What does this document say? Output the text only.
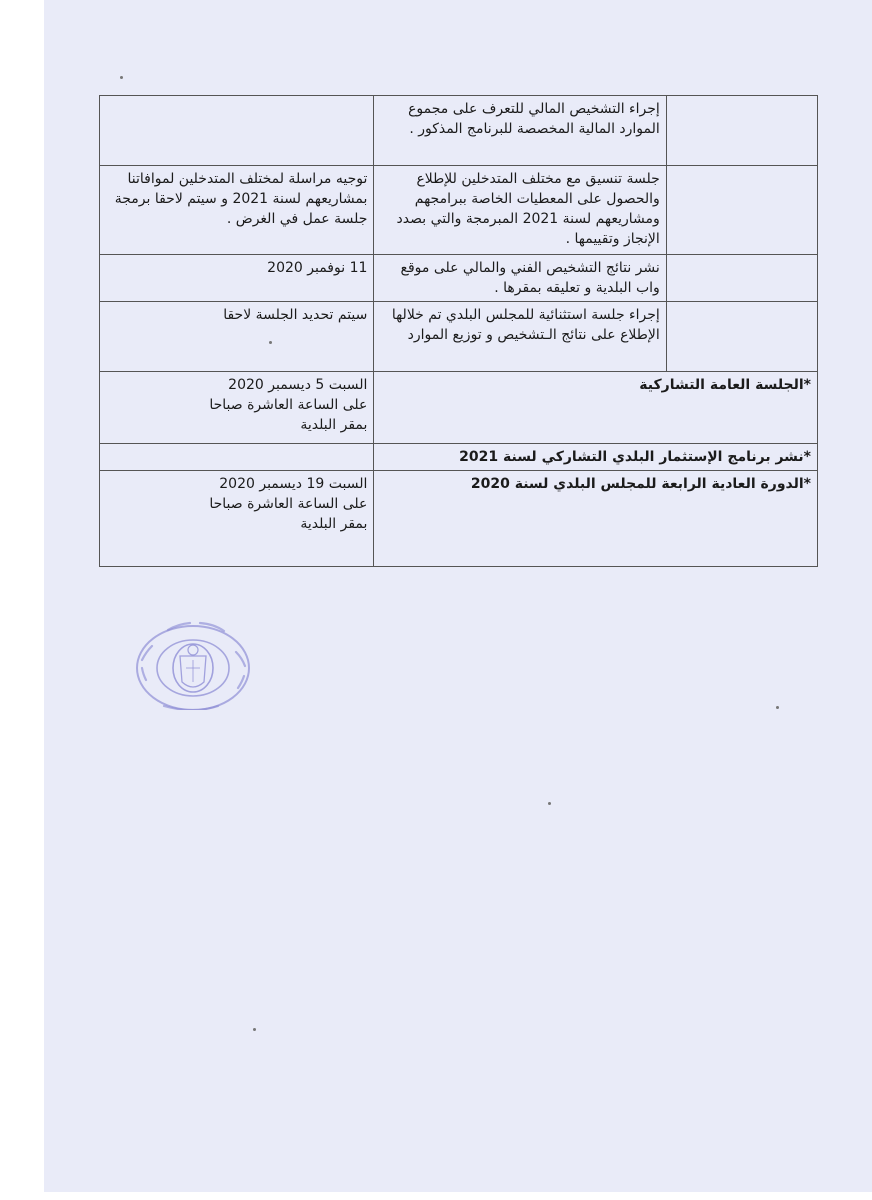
	إجراء التشخيص المالي للتعرف على مجموع الموارد المالية المخصصة للبرنامج المذكور .	
	جلسة تنسيق مع مختلف المتدخلين للإطلاع والحصول على المعطيات الخاصة ببرامجهم ومشاريعهم لسنة 2021 المبرمجة والتي بصدد الإنجاز وتقييمها .	توجيه مراسلة لمختلف المتدخلين لموافاتنا بمشاريعهم لسنة 2021 و سيتم لاحقا برمجة جلسة عمل في الغرض .
	نشر نتائج التشخيص الفني والمالي على موقع واب البلدية و تعليقه بمقرها .	11 نوفمبر 2020
	إجراء جلسة استثنائية للمجلس البلدي تم خلالها الإطلاع على نتائج الـتشخيص و توزيع الموارد	سيتم تحديد الجلسة لاحقا
*الجلسة العامة التشاركية		السبت 5 ديسمبر 2020
على الساعة العاشرة صباحا
بمقر البلدية

*نشر برنامج الإستثمار البلدي التشاركي لسنة 2021		
*الدورة العادية الرابعة للمجلس البلدي لسنة 2020		السبت 19 ديسمبر 2020
على الساعة العاشرة صباحا
بمقر البلدية
